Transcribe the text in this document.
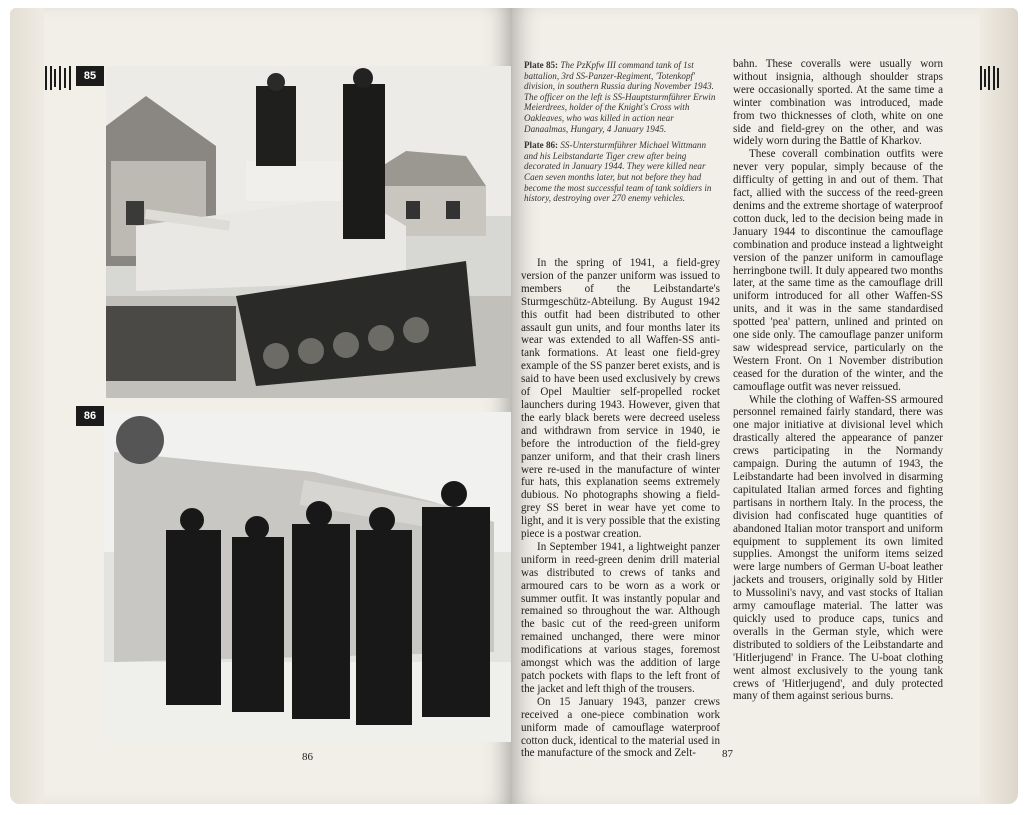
85
86
86	87

Plate 85: The PzKpfw III command tank of 1st battalion, 3rd SS-Panzer-Regiment, 'Totenkopf' division, in southern Russia during November 1943. The officer on the left is SS-Hauptsturmführer Erwin Meierdrees, holder of the Knight's Cross with Oakleaves, who was killed in action near Danaalmas, Hungary, 4 January 1945.

Plate 86: SS-Untersturmführer Michael Wittmann and his Leibstandarte Tiger crew after being decorated in January 1944. They were killed near Caen seven months later, but not before they had become the most successful team of tank soldiers in history, destroying over 270 enemy vehicles.

In the spring of 1941, a field-grey version of the panzer uniform was issued to members of the Leibstandarte's Sturmgeschütz-Abteilung. By August 1942 this outfit had been distributed to other assault gun units, and four months later its wear was extended to all Waffen-SS anti-tank formations. At least one field-grey example of the SS panzer beret exists, and is said to have been used exclusively by crews of Opel Maultier self-propelled rocket launchers during 1943. However, given that the early black berets were decreed useless and withdrawn from service in 1940, ie before the introduction of the field-grey panzer uniform, and that their crash liners were re-used in the manufacture of winter fur hats, this explanation seems extremely dubious. No photographs showing a field-grey SS beret in wear have yet come to light, and it is very possible that the existing piece is a postwar creation.

In September 1941, a lightweight panzer uniform in reed-green denim drill material was distributed to crews of tanks and armoured cars to be worn as a work or summer outfit. It was instantly popular and remained so throughout the war. Although the basic cut of the reed-green uniform remained unchanged, there were minor modifications at various stages, foremost amongst which was the addition of large patch pockets with flaps to the left front of the jacket and left thigh of the trousers.

On 15 January 1943, panzer crews received a one-piece combination work uniform made of camouflage waterproof cotton duck, identical to the material used in the manufacture of the smock and Zelt-

bahn. These coveralls were usually worn without insignia, although shoulder straps were occasionally sported. At the same time a winter combination was introduced, made from two thicknesses of cloth, white on one side and field-grey on the other, and was widely worn during the Battle of Kharkov.

These coverall combination outfits were never very popular, simply because of the difficulty of getting in and out of them. That fact, allied with the success of the reed-green denims and the extreme shortage of waterproof cotton duck, led to the decision being made in January 1944 to discontinue the camouflage combination and produce instead a lightweight version of the panzer uniform in camouflage herringbone twill. It duly appeared two months later, at the same time as the camouflage drill uniform introduced for all other Waffen-SS units, and it was in the same standardised spotted 'pea' pattern, unlined and printed on one side only. The camouflage panzer uniform saw widespread service, particularly on the Western Front. On 1 November distribution ceased for the duration of the winter, and the camouflage outfit was never reissued.

While the clothing of Waffen-SS armoured personnel remained fairly standard, there was one major initiative at divisional level which drastically altered the appearance of panzer crews participating in the Normandy campaign. During the autumn of 1943, the Leibstandarte had been involved in disarming capitulated Italian armed forces and fighting partisans in northern Italy. In the process, the division had confiscated huge quantities of abandoned Italian motor transport and uniform equipment to supplement its own limited supplies. Amongst the uniform items seized were large numbers of German U-boat leather jackets and trousers, originally sold by Hitler to Mussolini's navy, and vast stocks of Italian army camouflage material. The latter was quickly used to produce caps, tunics and overalls in the German style, which were distributed to soldiers of the Leibstandarte and 'Hitlerjugend' in France. The U-boat clothing went almost exclusively to the young tank crews of 'Hitlerjugend', and duly protected many of them against serious burns.
